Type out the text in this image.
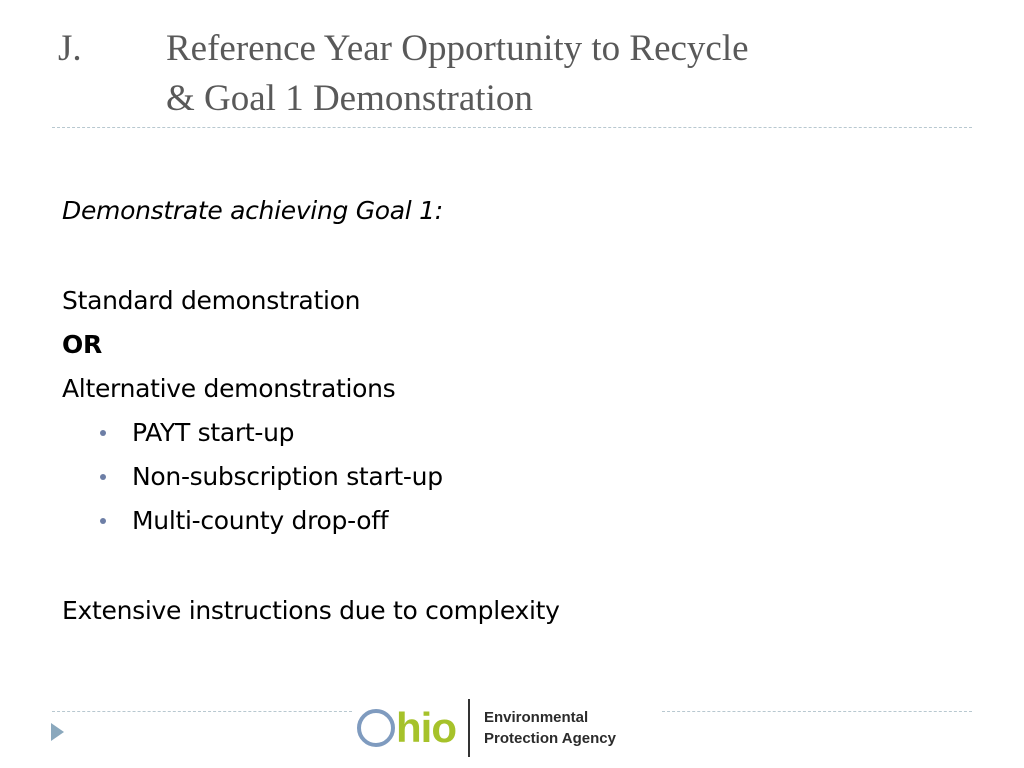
J.	Reference Year Opportunity to Recycle
& Goal 1 Demonstration
Demonstrate achieving Goal 1:
Standard demonstration
OR
Alternative demonstrations
PAYT start-up
Non-subscription start-up
Multi-county drop-off
Extensive instructions due to complexity
hio Environmental
Protection Agency
